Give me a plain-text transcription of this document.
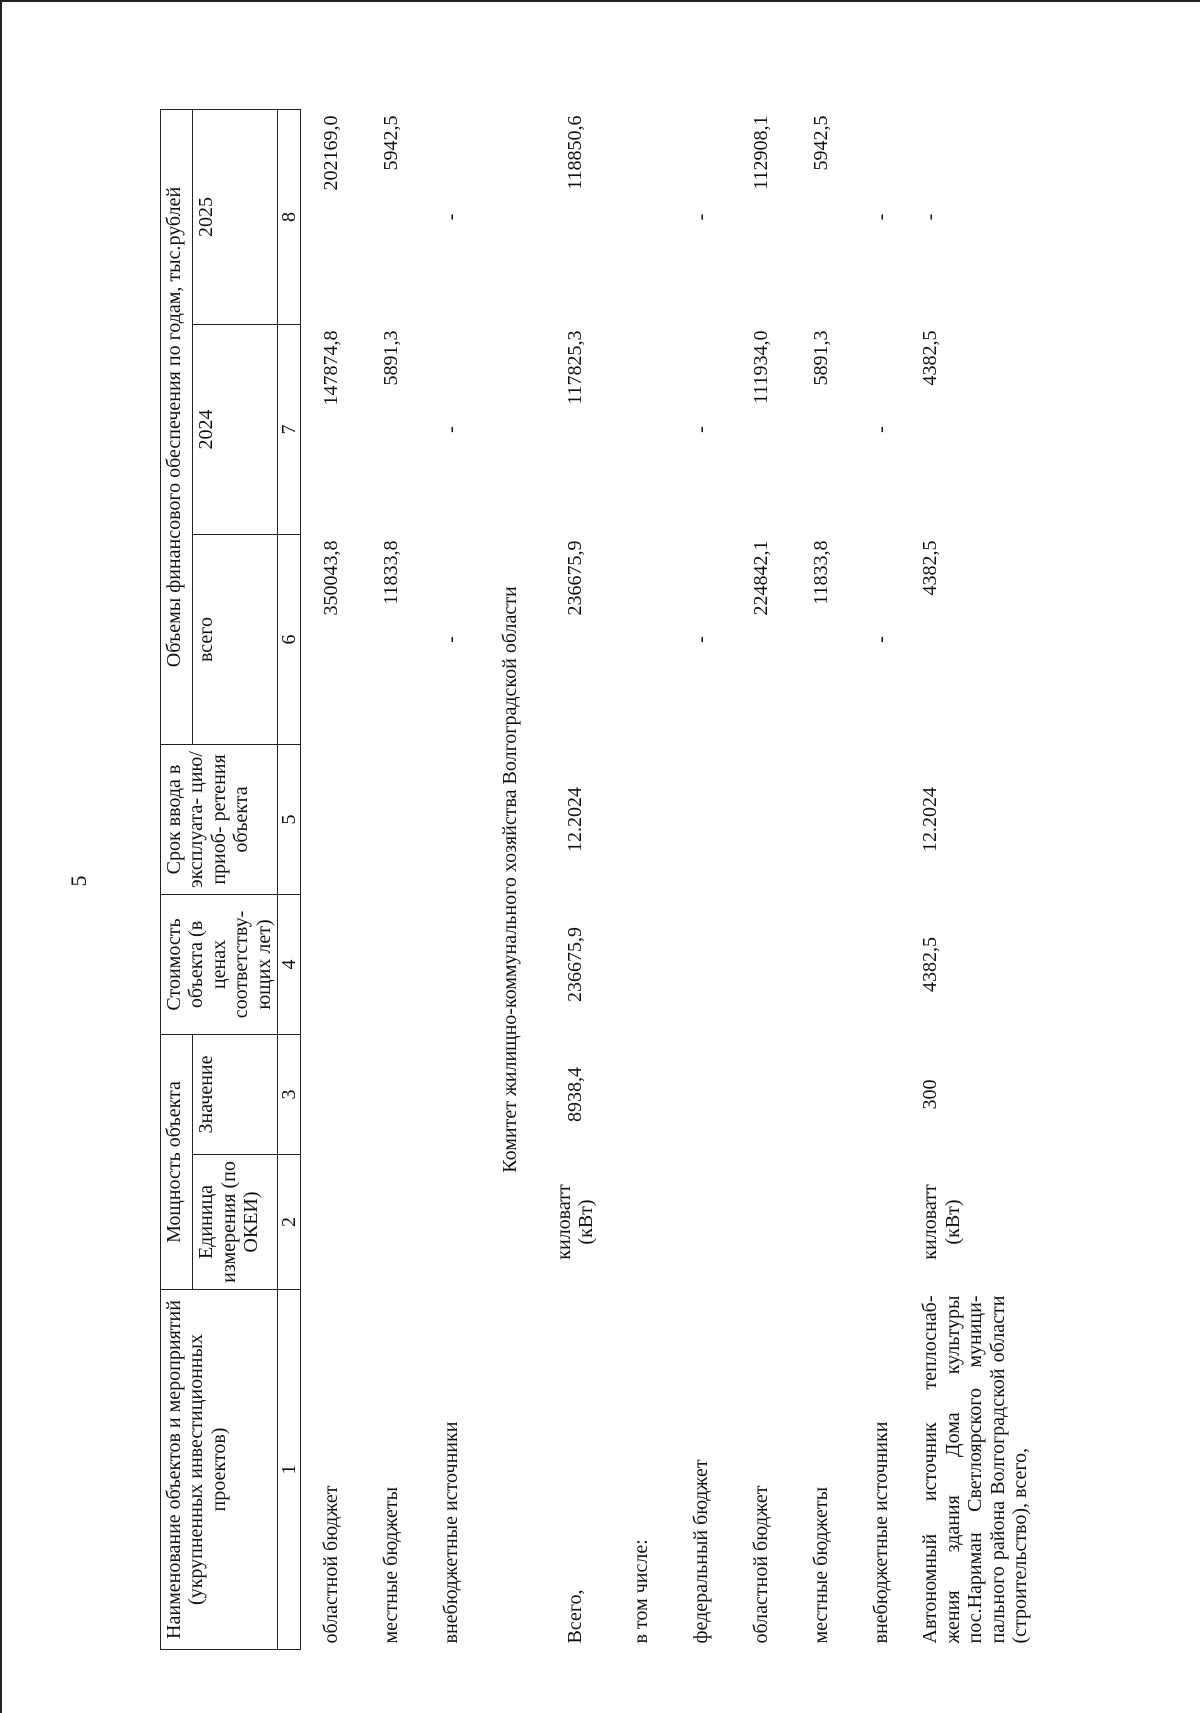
5
Наименование объектов и мероприятий (укрупненных инвестиционных проектов)	Мощность объекта		Стоимость объекта (в ценах соответству- ющих лет)	Срок ввода в эксплуата- цию/приоб- ретения объекта	Объемы финансового обеспечения по годам, тыс.рублей		
	Единица измерения (по ОКЕИ)	Значение			всего	2024	2025
1	2	3	4	5	6	7	8
областной бюджет					350043,8	147874,8	202169,0
местные бюджеты					11833,8	5891,3	5942,5
внебюджетные источники					-	-	-
Комитет жилищно-коммунального хозяйства Волгоградской области							
Всего,	киловатт (кВт)	8938,4	236675,9	12.2024	236675,9	117825,3	118850,6
в том числе:							
федеральный бюджет					-	-	-
областной бюджет					224842,1	111934,0	112908,1
местные бюджеты					11833,8	5891,3	5942,5
внебюджетные источники					-	-	-
Автономный источник теплоснаб- жения здания Дома культуры пос.Нариман Светлоярского муници- пального района Волгоградской области (строительство), всего,	киловатт (кВт)	300	4382,5	12.2024	4382,5	4382,5	-
